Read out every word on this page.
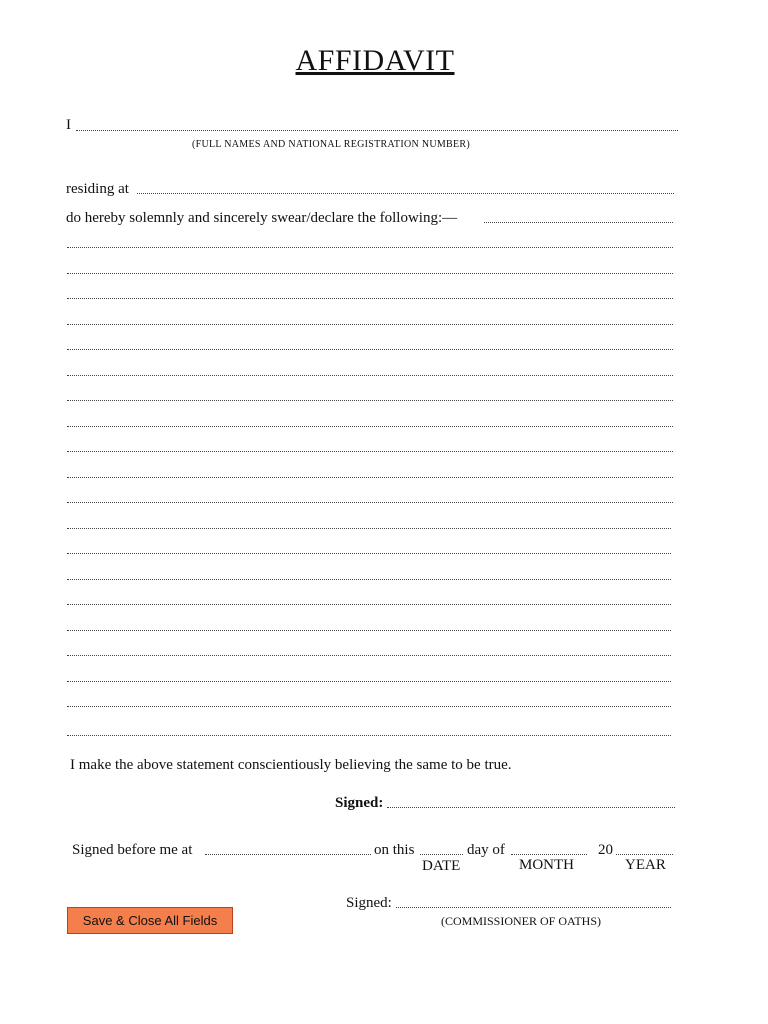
AFFIDAVIT
I
(FULL NAMES AND NATIONAL REGISTRATION NUMBER)
residing at
do hereby solemnly and sincerely swear/declare the following:—
I make the above statement conscientiously believing the same to be true.
Signed:
Signed before me at	on this	day of	20
DATE	MONTH	YEAR
Signed:
(COMMISSIONER OF OATHS)
Save & Close All Fields
